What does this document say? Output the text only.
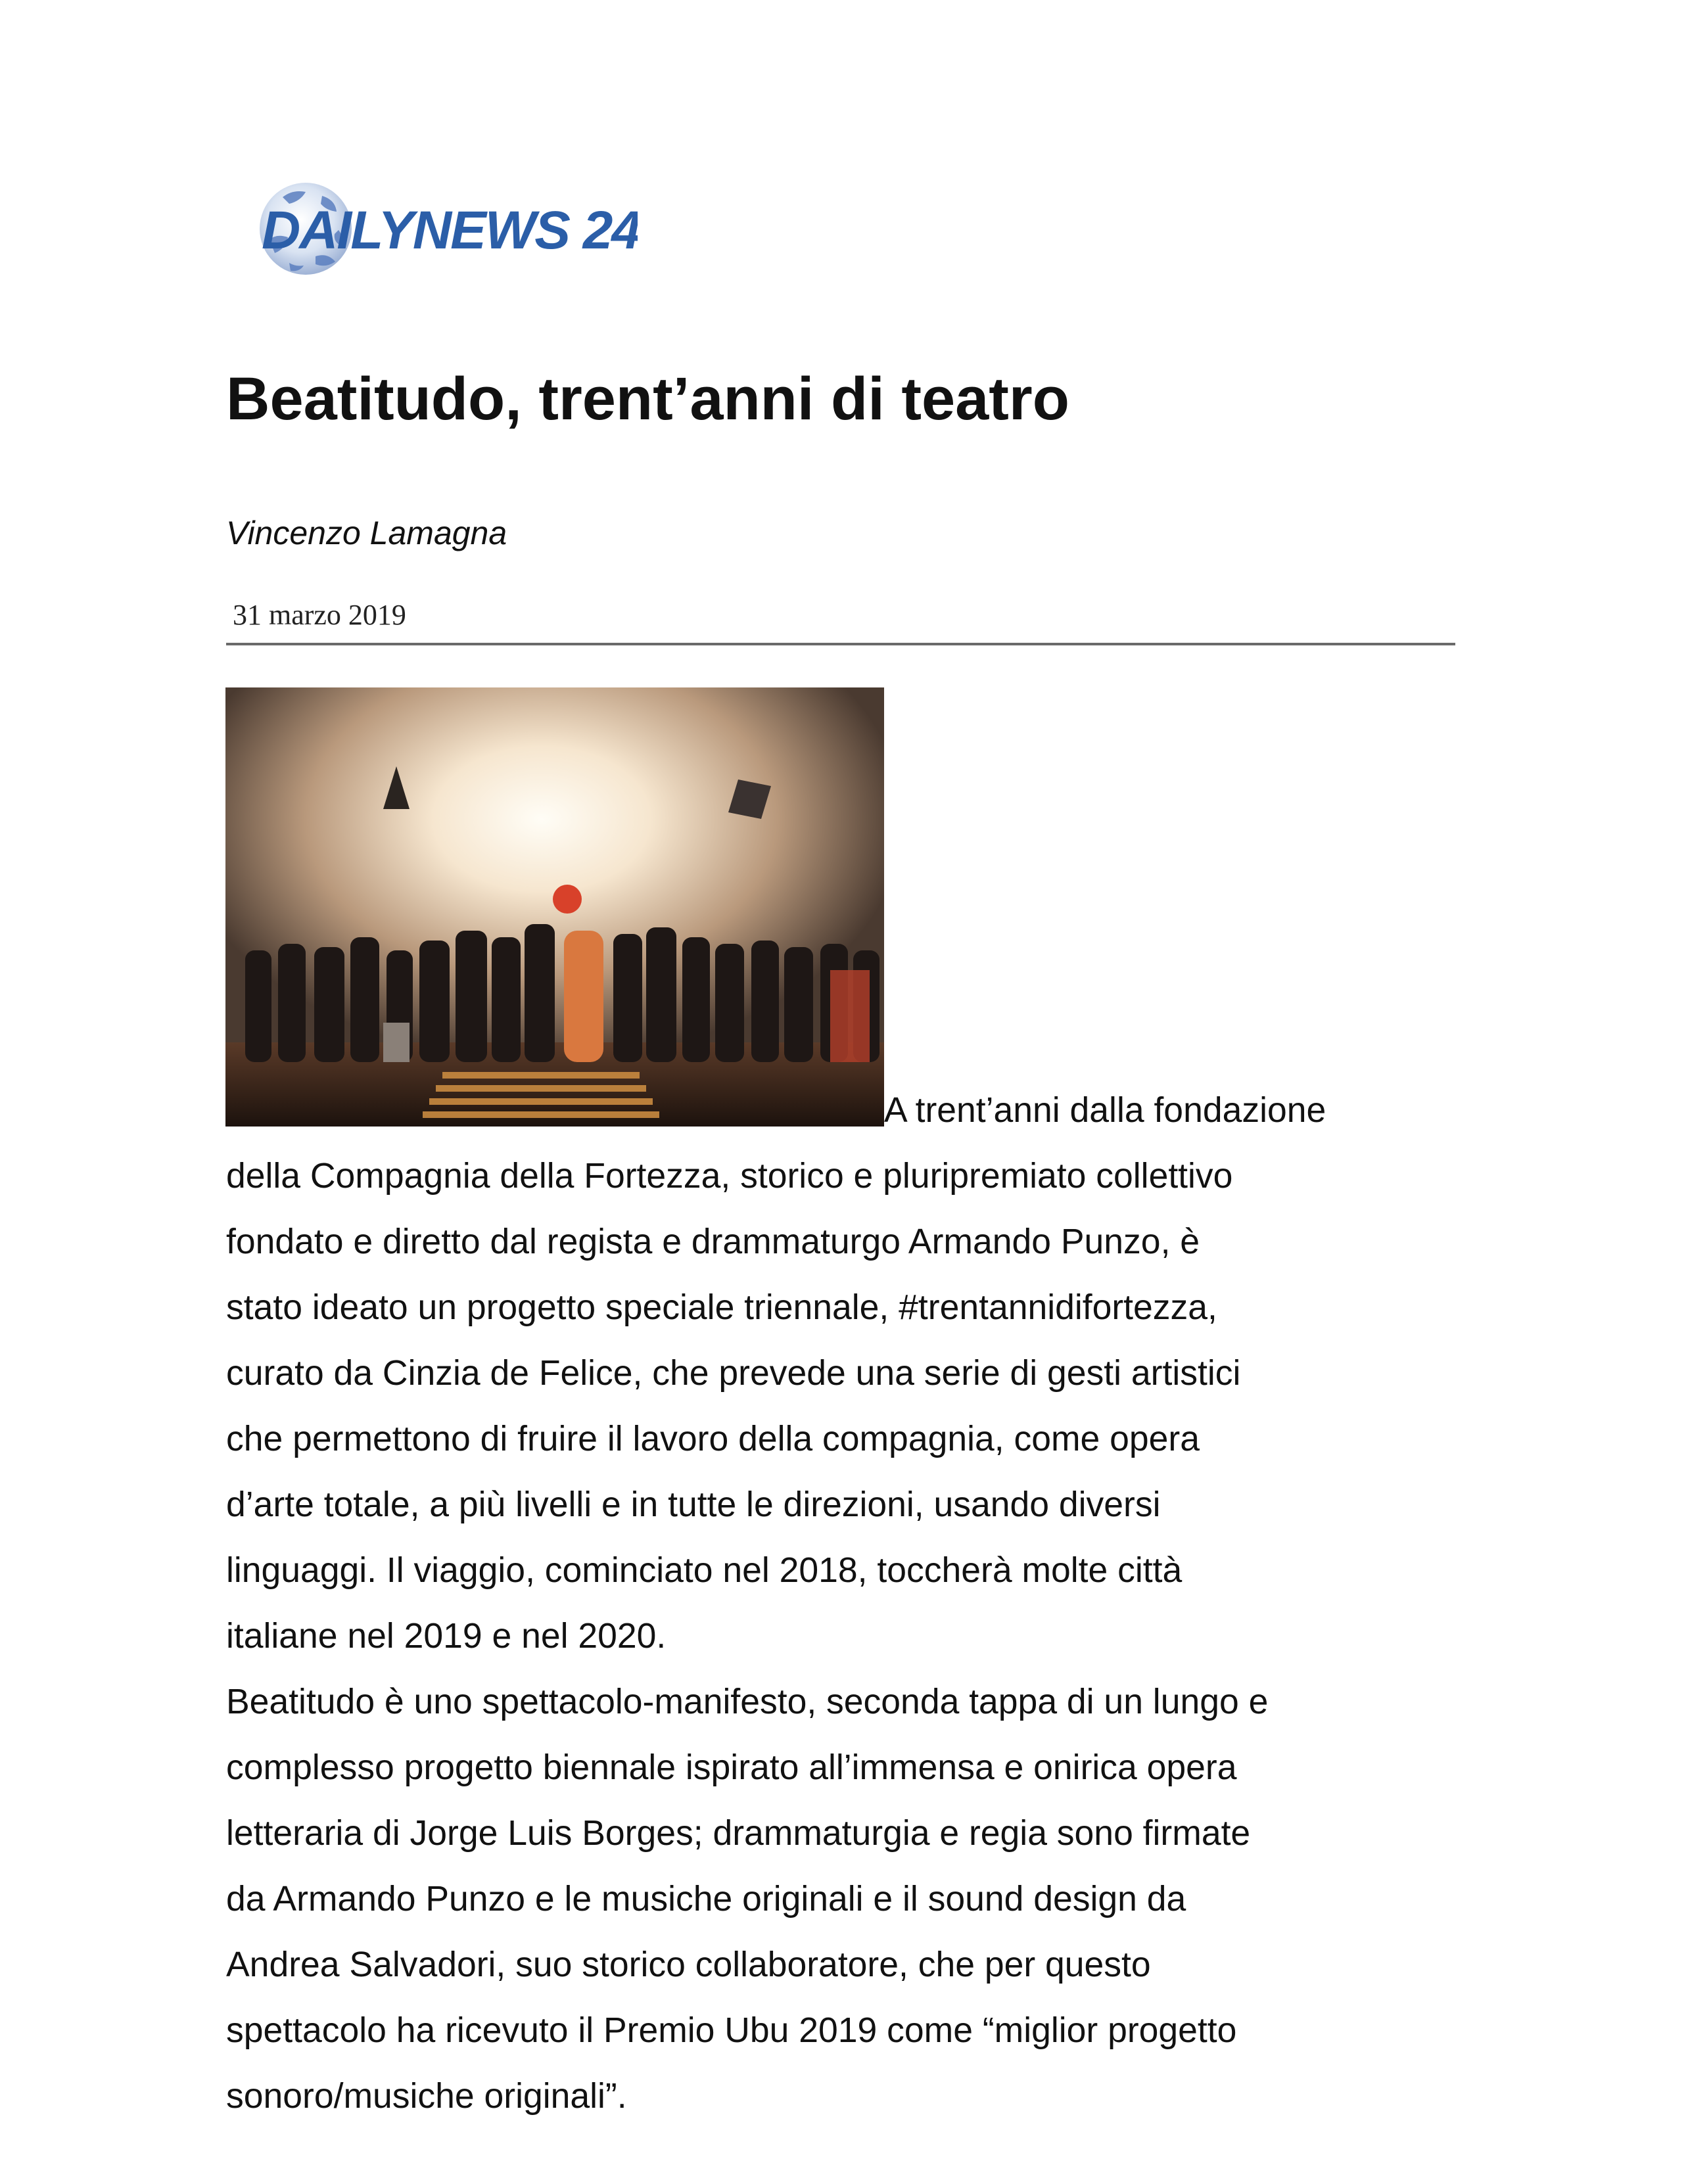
DAILYNEWS 24
Beatitudo, trent’anni di teatro
Vincenzo Lamagna
31 marzo 2019
A trent’anni dalla fondazione
della Compagnia della Fortezza, storico e pluripremiato collettivo
fondato e diretto dal regista e drammaturgo Armando Punzo, è
stato ideato un progetto speciale triennale, #trentannidifortezza,
curato da Cinzia de Felice, che prevede una serie di gesti artistici
che permettono di fruire il lavoro della compagnia, come opera
d’arte totale, a più livelli e in tutte le direzioni, usando diversi
linguaggi. Il viaggio, cominciato nel 2018, toccherà molte città
italiane nel 2019 e nel 2020.
Beatitudo è uno spettacolo-manifesto, seconda tappa di un lungo e
complesso progetto biennale ispirato all’immensa e onirica opera
letteraria di Jorge Luis Borges; drammaturgia e regia sono firmate
da Armando Punzo e le musiche originali e il sound design da
Andrea Salvadori, suo storico collaboratore, che per questo
spettacolo ha ricevuto il Premio Ubu 2019 come “miglior progetto
sonoro/musiche originali”.
